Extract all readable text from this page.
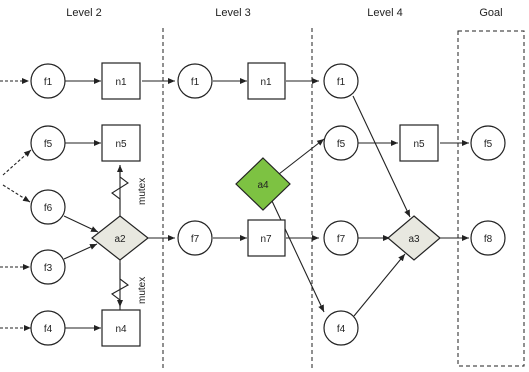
Level 2	Level 3	Level 4	Goal
mutex
mutex
f1
f5
f6
f3
f4
n1
n5
n4
a2
f1
f7
n1
n7
a4
f1
f5
f7
f4
n5
a3
f5
f8
